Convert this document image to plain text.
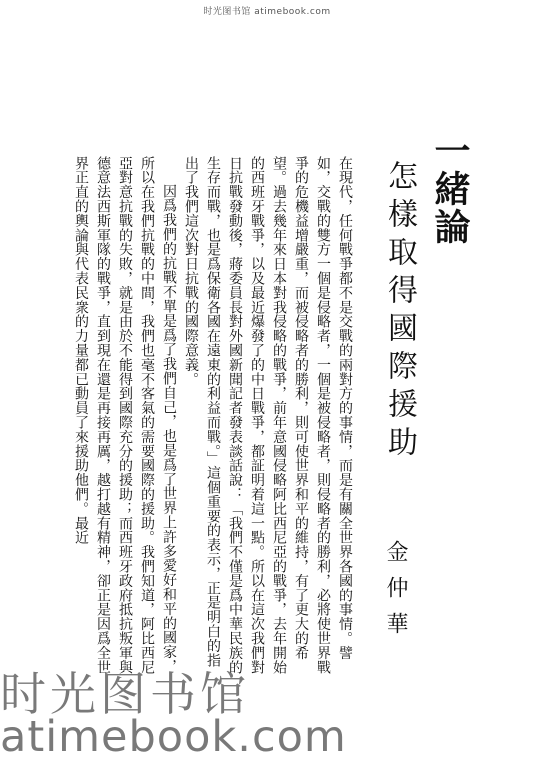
时光图书馆 atimebook.com
一緒論
怎樣取得國際援助
金仲華

在現代，任何戰爭都不是交戰的兩對方的事情，而是有關全世界各國的事情。譬如，交戰的雙方一個是侵略者，一個是被侵略者，則侵略者的勝利，必將使世界戰爭的危機益增嚴重，而被侵略者的勝利，則可使世界和平的維持，有了更大的希望。過去幾年來日本對我侵略的戰爭，前年意國侵略阿比西尼亞的戰爭，去年開始的西班牙戰爭，以及最近爆發了的中日戰爭，都証明着這一點。所以在這次我們對日抗戰發動後，蔣委員長對外國新聞記者發表談話說：「我們不僅是爲中華民族的生存而戰，也是爲保衛各國在遠東的利益而戰。」這個重要的表示，正是明白的指出了我們這次對日抗戰的國際意義。

因爲我們的抗戰不單是爲了我們自己，也是爲了世界上許多愛好和平的國家，所以在我們抗戰的中間，我們也毫不客氣的需要國際的援助。我們知道，阿比西尼亞對意抗戰的失敗，就是由於不能得到國際充分的援助；而西班牙政府抵抗叛軍與德意法西斯軍隊的戰爭，直到現在還是再接再厲，越打越有精神，卻正是因爲全世界正直的輿論與代表民衆的力量都已動員了來援助他們。最近

时光图书馆
atimebook.com
